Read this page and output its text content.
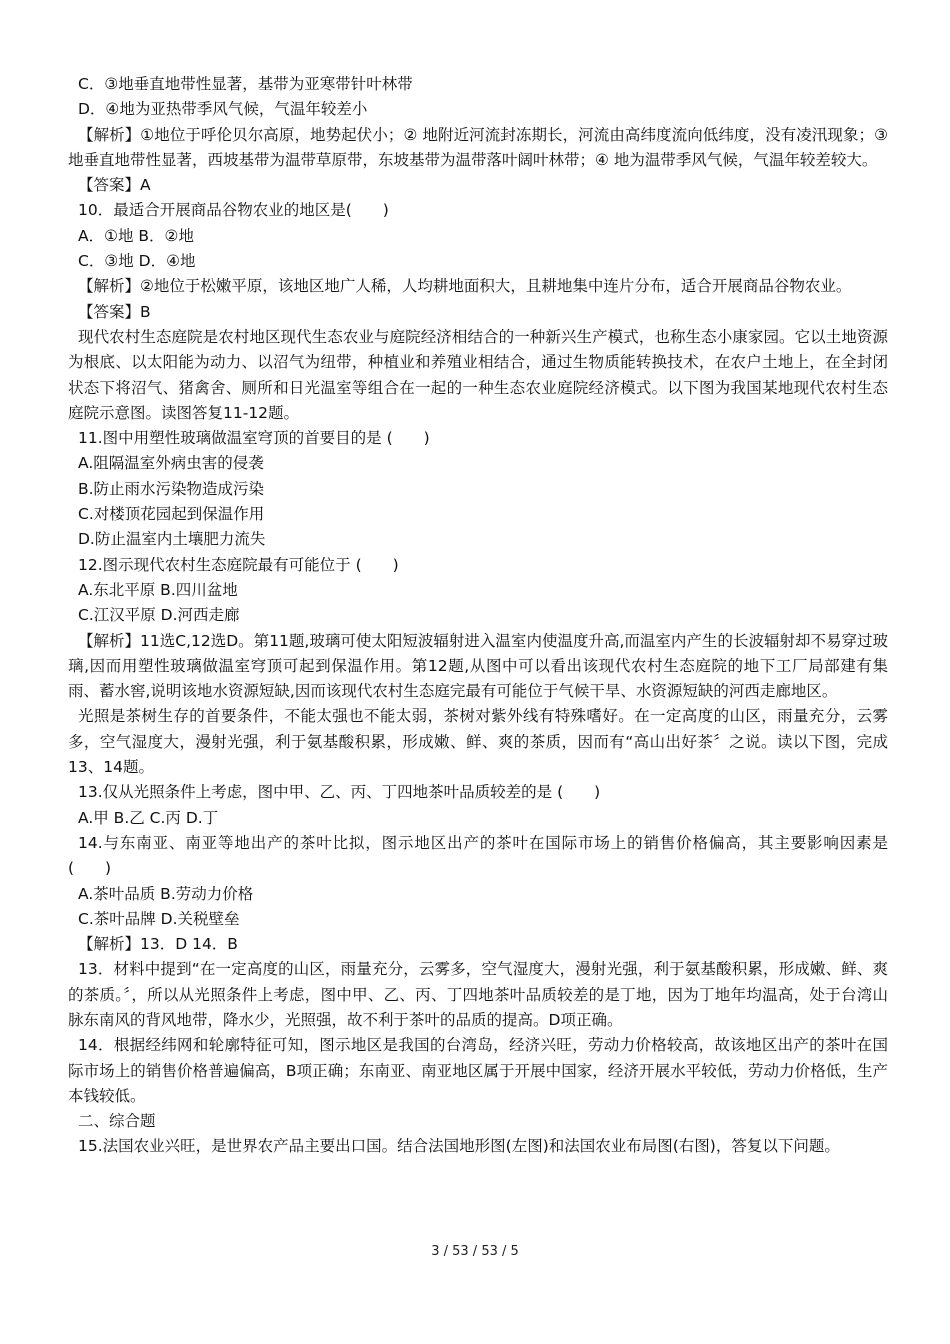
C．③地垂直地带性显著，基带为亚寒带针叶林带
D．④地为亚热带季风气候，气温年较差小
【解析】①地位于呼伦贝尔高原，地势起伏小；② 地附近河流封冻期长，河流由高纬度流向低纬度，没有凌汛现象；③ 地垂直地带性显著，西坡基带为温带草原带，东坡基带为温带落叶阔叶林带；④ 地为温带季风气候，气温年较差较大。
【答案】A
10．最适合开展商品谷物农业的地区是(　　)
A．①地 B．②地
C．③地 D．④地
【解析】②地位于松嫩平原，该地区地广人稀，人均耕地面积大，且耕地集中连片分布，适合开展商品谷物农业。
【答案】B
现代农村生态庭院是农村地区现代生态农业与庭院经济相结合的一种新兴生产模式，也称生态小康家园。它以土地资源为根底、以太阳能为动力、以沼气为纽带，种植业和养殖业相结合，通过生物质能转换技术，在农户土地上，在全封闭状态下将沼气、猪禽舍、厕所和日光温室等组合在一起的一种生态农业庭院经济模式。以下图为我国某地现代农村生态庭院示意图。读图答复11-12题。
11.图中用塑性玻璃做温室穹顶的首要目的是 (　　)
A.阻隔温室外病虫害的侵袭
B.防止雨水污染物造成污染
C.对楼顶花园起到保温作用
D.防止温室内土壤肥力流失
12.图示现代农村生态庭院最有可能位于 (　　)
A.东北平原 B.四川盆地
C.江汉平原 D.河西走廊
【解析】11选C,12选D。第11题,玻璃可使太阳短波辐射进入温室内使温度升高,而温室内产生的长波辐射却不易穿过玻璃,因而用塑性玻璃做温室穹顶可起到保温作用。第12题,从图中可以看出该现代农村生态庭院的地下工厂局部建有集雨、蓄水窖,说明该地水资源短缺,因而该现代农村生态庭完最有可能位于气候干旱、水资源短缺的河西走廊地区。
光照是茶树生存的首要条件，不能太强也不能太弱，茶树对紫外线有特殊嗜好。在一定高度的山区，雨量充分，云雾多，空气湿度大，漫射光强，利于氨基酸积累，形成嫩、鲜、爽的茶质，因而有“高山出好茶〞之说。读以下图，完成13、14题。
13.仅从光照条件上考虑，图中甲、乙、丙、丁四地茶叶品质较差的是 (　　)
A.甲 B.乙 C.丙 D.丁
14.与东南亚、南亚等地出产的茶叶比拟，图示地区出产的茶叶在国际市场上的销售价格偏高，其主要影响因素是 (　　)
A.茶叶品质 B.劳动力价格
C.茶叶品牌 D.关税壁垒
【解析】13．D 14．B
13．材料中提到“在一定高度的山区，雨量充分，云雾多，空气湿度大，漫射光强，利于氨基酸积累，形成嫩、鲜、爽的茶质。〞，所以从光照条件上考虑，图中甲、乙、丙、丁四地茶叶品质较差的是丁地，因为丁地年均温高，处于台湾山脉东南风的背风地带，降水少，光照强，故不利于茶叶的品质的提高。D项正确。
14．根据经纬网和轮廓特征可知，图示地区是我国的台湾岛，经济兴旺，劳动力价格较高，故该地区出产的茶叶在国际市场上的销售价格普遍偏高，B项正确；东南亚、南亚地区属于开展中国家，经济开展水平较低，劳动力价格低，生产本钱较低。
二、综合题
15.法国农业兴旺，是世界农产品主要出口国。结合法国地形图(左图)和法国农业布局图(右图)，答复以下问题。
3 / 53 / 53 / 5
